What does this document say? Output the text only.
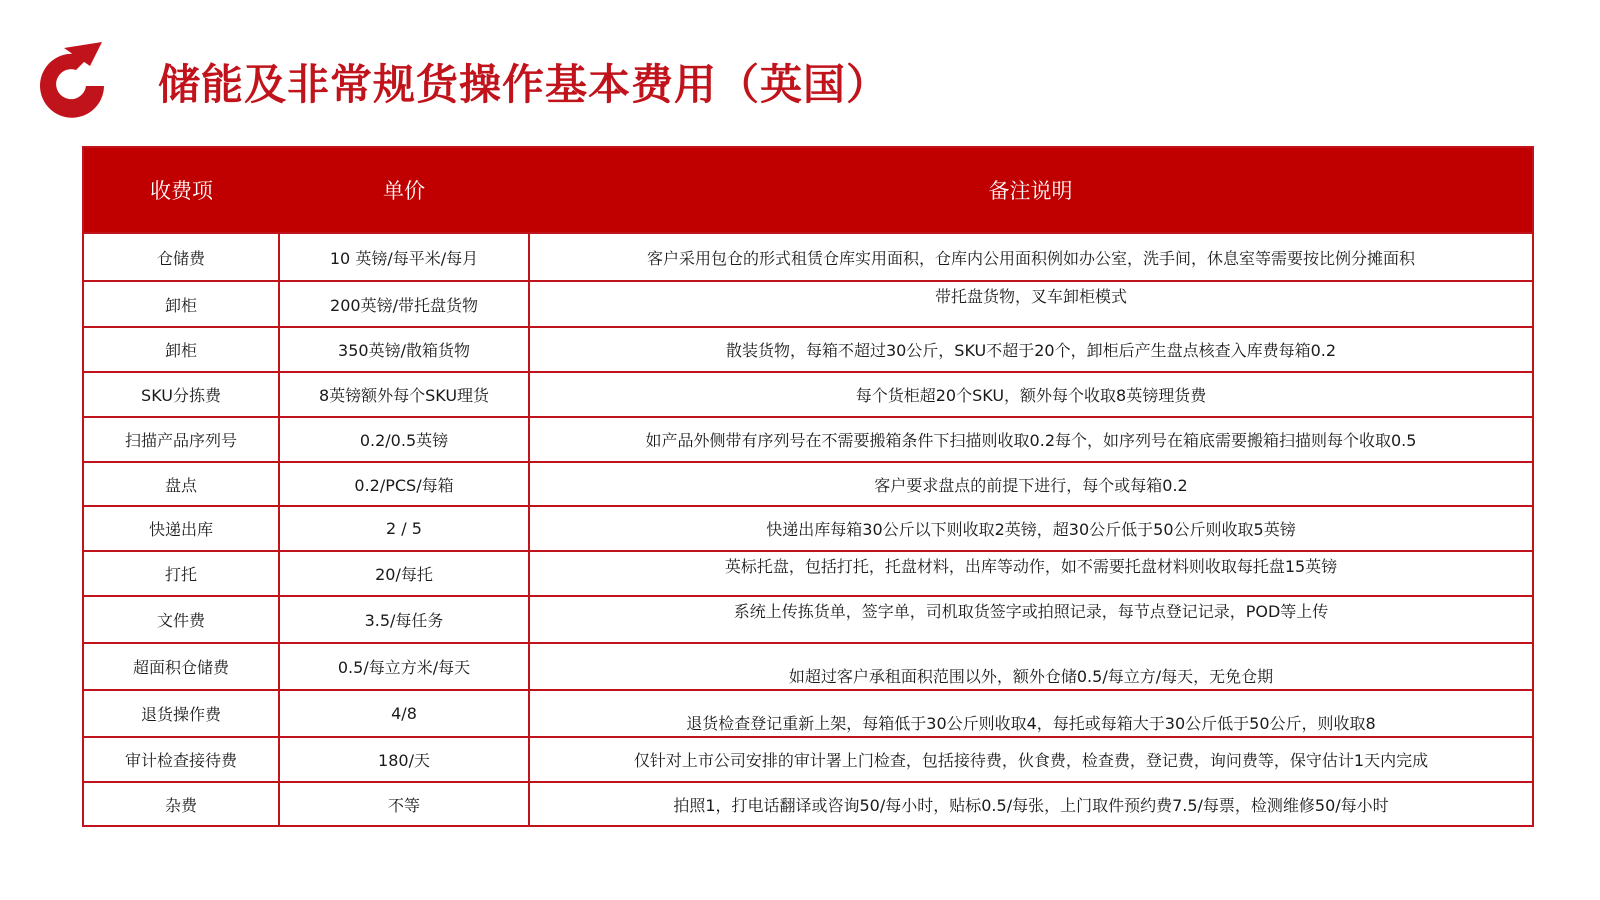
储能及非常规货操作基本费用（英国）
收费项	单价	备注说明
仓储费	10 英镑/每平米/每月	客户采用包仓的形式租赁仓库实用面积，仓库内公用面积例如办公室，洗手间，休息室等需要按比例分摊面积
卸柜	200英镑/带托盘货物	带托盘货物，叉车卸柜模式
卸柜	350英镑/散箱货物	散装货物，每箱不超过30公斤，SKU不超于20个，卸柜后产生盘点核查入库费每箱0.2
SKU分拣费	8英镑额外每个SKU理货	每个货柜超20个SKU，额外每个收取8英镑理货费
扫描产品序列号	0.2/0.5英镑	如产品外侧带有序列号在不需要搬箱条件下扫描则收取0.2每个，如序列号在箱底需要搬箱扫描则每个收取0.5
盘点	0.2/PCS/每箱	客户要求盘点的前提下进行，每个或每箱0.2
快递出库	2 / 5	快递出库每箱30公斤以下则收取2英镑，超30公斤低于50公斤则收取5英镑
打托	20/每托	英标托盘，包括打托，托盘材料，出库等动作，如不需要托盘材料则收取每托盘15英镑
文件费	3.5/每任务	系统上传拣货单，签字单，司机取货签字或拍照记录，每节点登记记录，POD等上传
超面积仓储费	0.5/每立方米/每天	如超过客户承租面积范围以外，额外仓储0.5/每立方/每天，无免仓期
退货操作费	4/8	退货检查登记重新上架，每箱低于30公斤则收取4，每托或每箱大于30公斤低于50公斤，则收取8
审计检查接待费	180/天	仅针对上市公司安排的审计署上门检查，包括接待费，伙食费，检查费，登记费，询问费等，保守估计1天内完成
杂费	不等	拍照1，打电话翻译或咨询50/每小时，贴标0.5/每张，上门取件预约费7.5/每票，检测维修50/每小时
